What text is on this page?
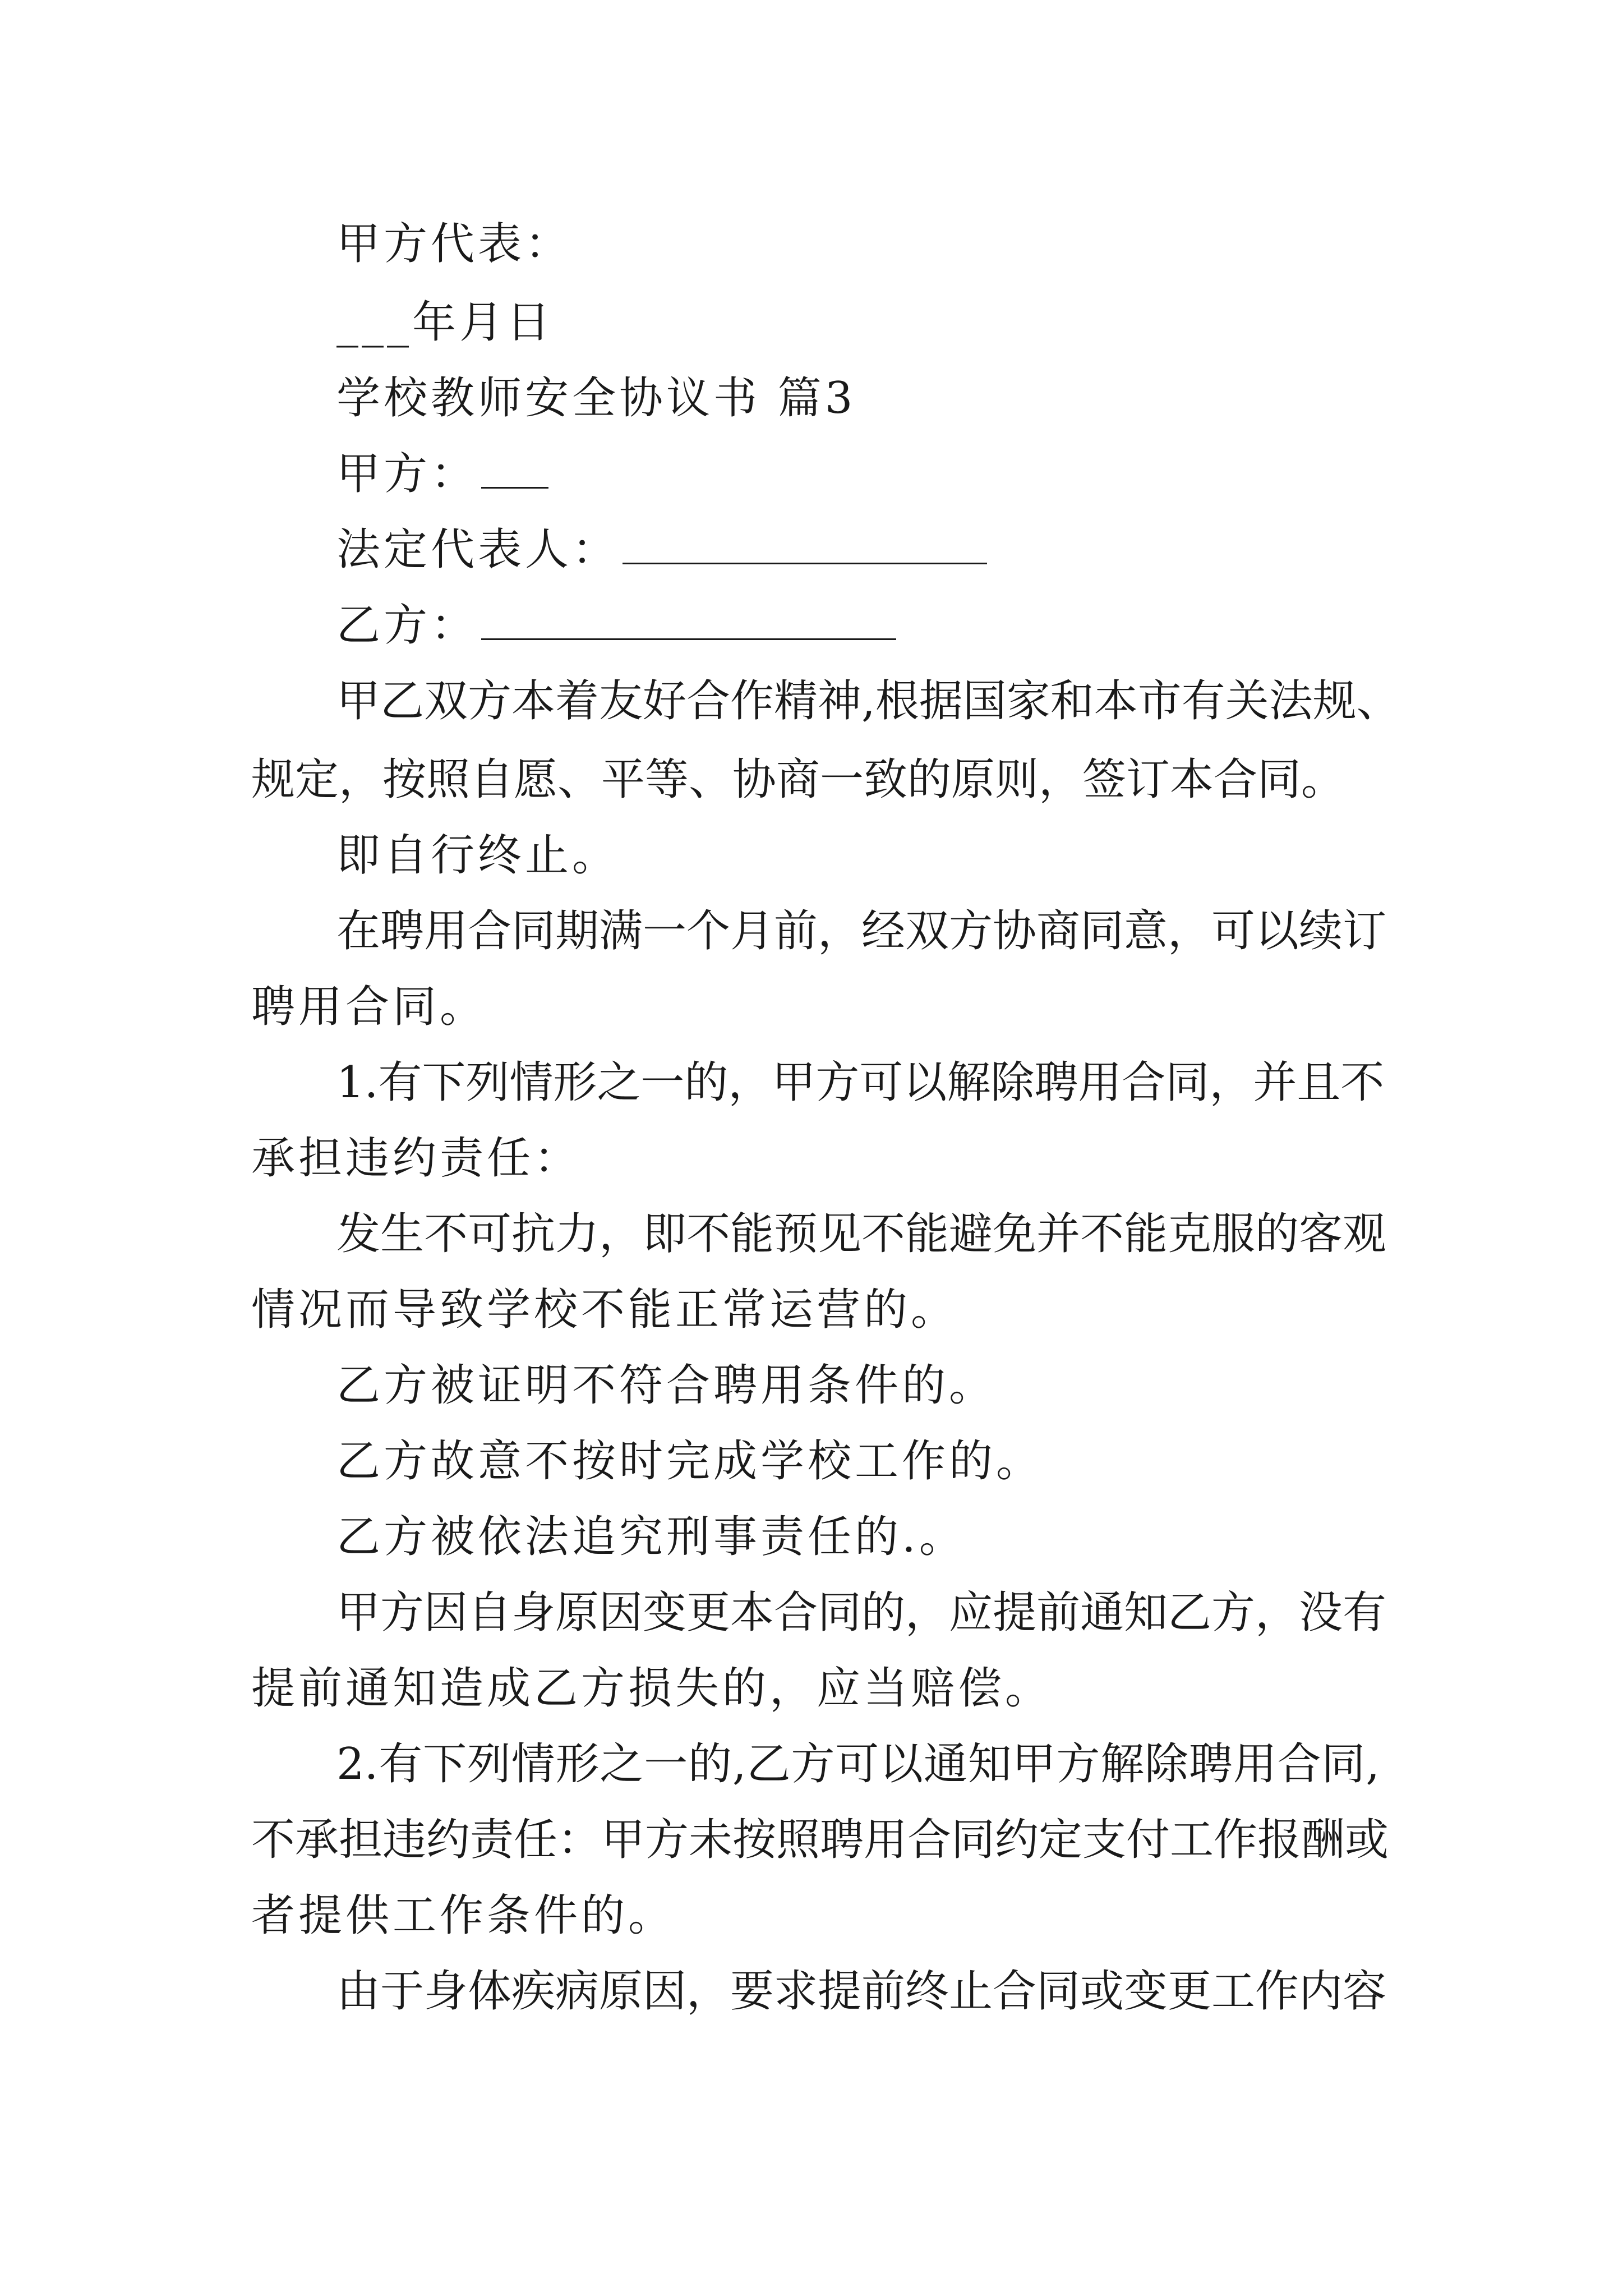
甲方代表：
___年月日
学校教师安全协议书 篇3
甲方：
法定代表人：
乙方：
甲乙双方本着友好合作精神,根据国家和本市有关法规、
规定，按照自愿、平等、协商一致的原则，签订本合同。
即自行终止。
在聘用合同期满一个月前，经双方协商同意，可以续订
聘用合同。
1.有下列情形之一的，甲方可以解除聘用合同，并且不
承担违约责任：
发生不可抗力，即不能预见不能避免并不能克服的客观
情况而导致学校不能正常运营的。
乙方被证明不符合聘用条件的。
乙方故意不按时完成学校工作的。
乙方被依法追究刑事责任的.。
甲方因自身原因变更本合同的，应提前通知乙方，没有
提前通知造成乙方损失的，应当赔偿。
2.有下列情形之一的,乙方可以通知甲方解除聘用合同,
不承担违约责任：甲方未按照聘用合同约定支付工作报酬或
者提供工作条件的。
由于身体疾病原因，要求提前终止合同或变更工作内容
